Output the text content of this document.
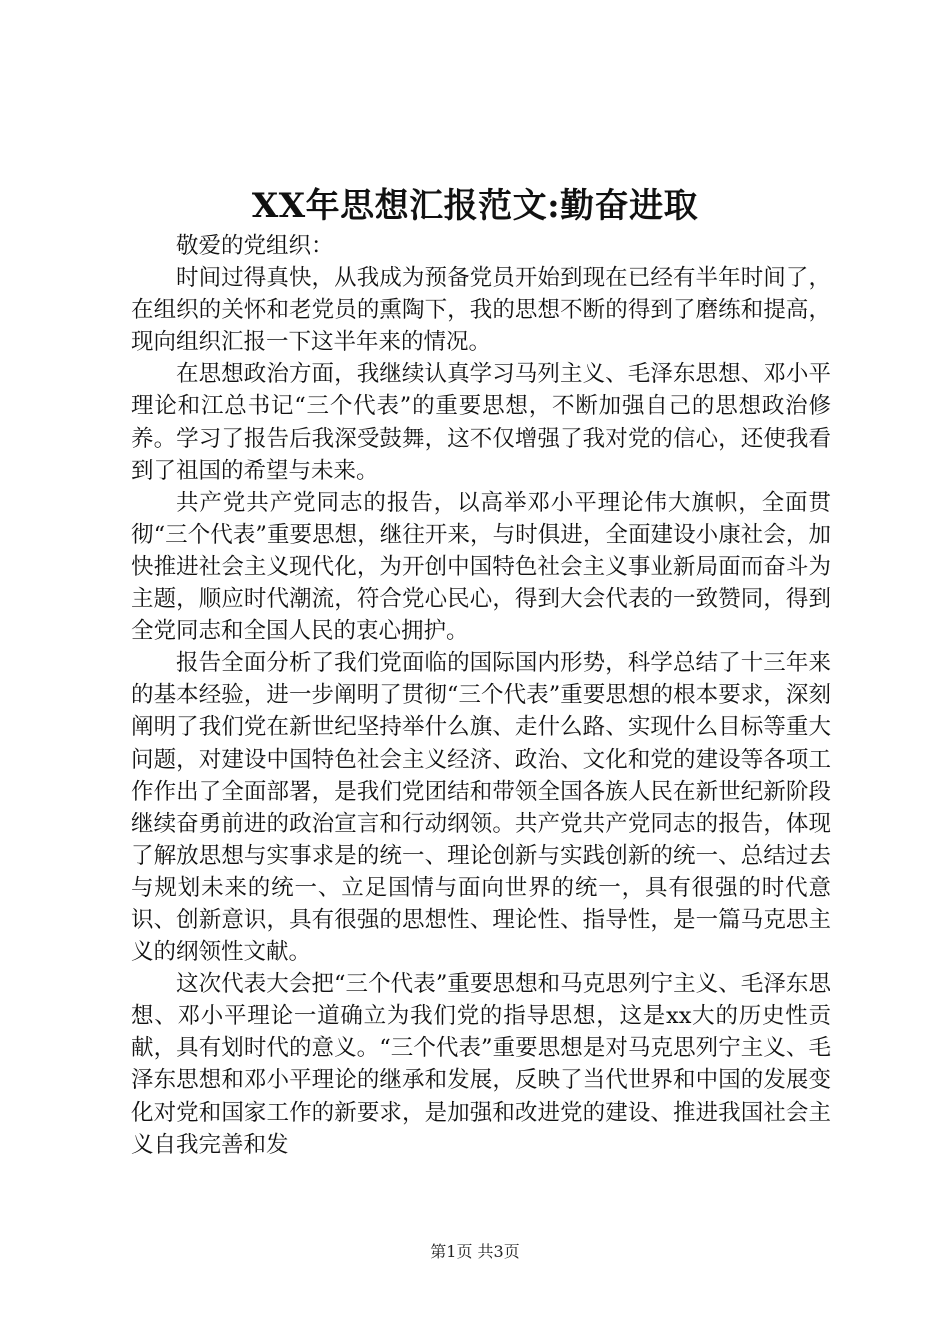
XX年思想汇报范文:勤奋进取

敬爱的党组织：

时间过得真快，从我成为预备党员开始到现在已经有半年时间了，在组织的关怀和老党员的熏陶下，我的思想不断的得到了磨练和提高，现向组织汇报一下这半年来的情况。

在思想政治方面，我继续认真学习马列主义、毛泽东思想、邓小平理论和江总书记“三个代表”的重要思想，不断加强自己的思想政治修养。学习了报告后我深受鼓舞，这不仅增强了我对党的信心，还使我看到了祖国的希望与未来。

共产党共产党同志的报告，以高举邓小平理论伟大旗帜，全面贯彻“三个代表”重要思想，继往开来，与时俱进，全面建设小康社会，加快推进社会主义现代化，为开创中国特色社会主义事业新局面而奋斗为主题，顺应时代潮流，符合党心民心，得到大会代表的一致赞同，得到全党同志和全国人民的衷心拥护。

报告全面分析了我们党面临的国际国内形势，科学总结了十三年来的基本经验，进一步阐明了贯彻“三个代表”重要思想的根本要求，深刻阐明了我们党在新世纪坚持举什么旗、走什么路、实现什么目标等重大问题，对建设中国特色社会主义经济、政治、文化和党的建设等各项工作作出了全面部署，是我们党团结和带领全国各族人民在新世纪新阶段继续奋勇前进的政治宣言和行动纲领。共产党共产党同志的报告，体现了解放思想与实事求是的统一、理论创新与实践创新的统一、总结过去与规划未来的统一、立足国情与面向世界的统一，具有很强的时代意识、创新意识，具有很强的思想性、理论性、指导性，是一篇马克思主义的纲领性文献。

这次代表大会把“三个代表”重要思想和马克思列宁主义、毛泽东思想、邓小平理论一道确立为我们党的指导思想，这是xx大的历史性贡献，具有划时代的意义。“三个代表”重要思想是对马克思列宁主义、毛泽东思想和邓小平理论的继承和发展，反映了当代世界和中国的发展变化对党和国家工作的新要求，是加强和改进党的建设、推进我国社会主义自我完善和发

第1页 共3页
